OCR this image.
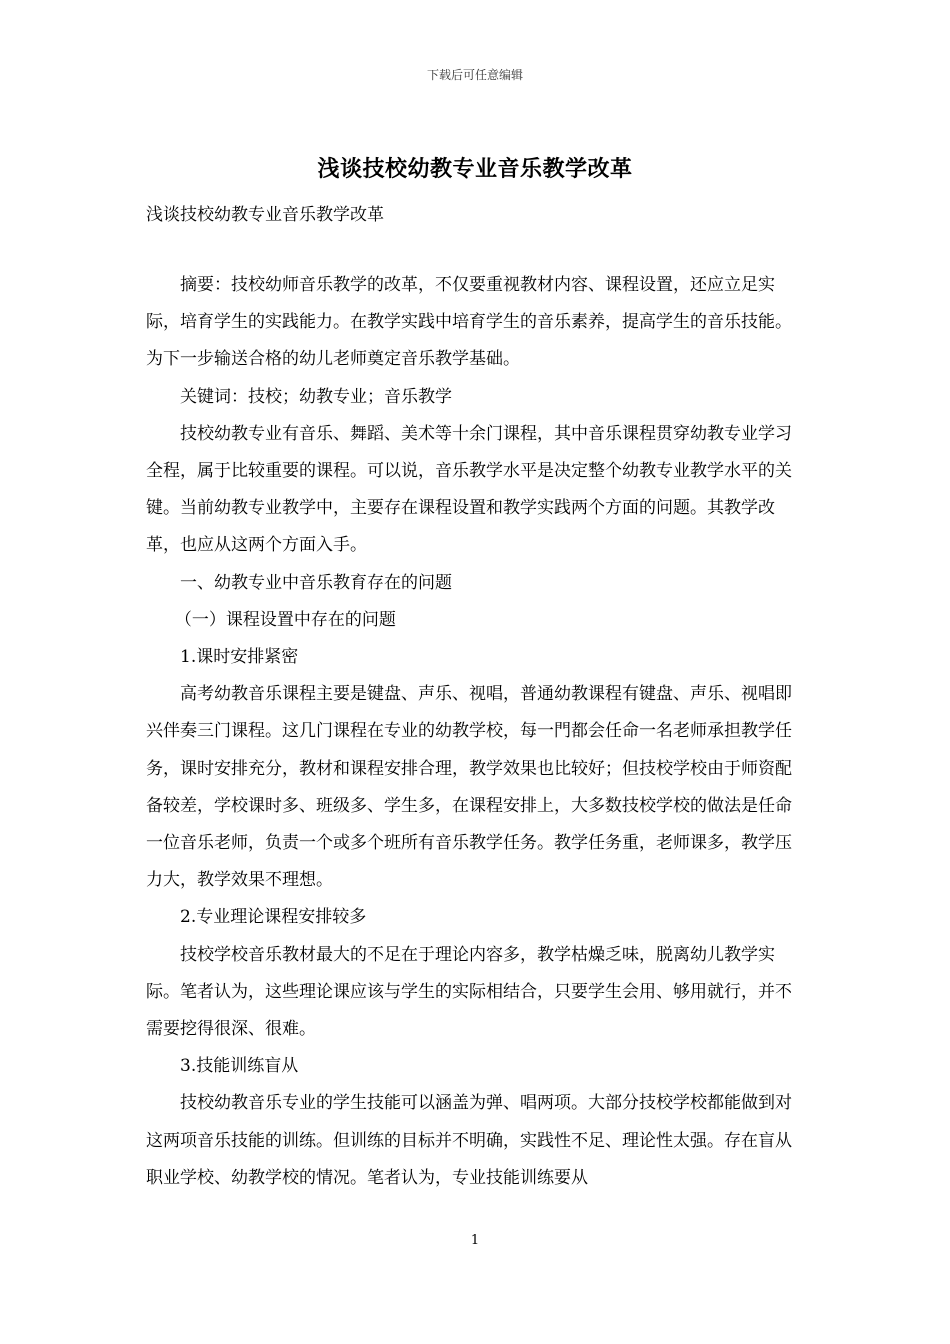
下载后可任意编辑
浅谈技校幼教专业音乐教学改革
浅谈技校幼教专业音乐教学改革

摘要：技校幼师音乐教学的改革，不仅要重视教材内容、课程设置，还应立足实际，培育学生的实践能力。在教学实践中培育学生的音乐素养，提高学生的音乐技能。为下一步输送合格的幼儿老师奠定音乐教学基础。

关键词：技校；幼教专业；音乐教学

技校幼教专业有音乐、舞蹈、美术等十余门课程，其中音乐课程贯穿幼教专业学习全程，属于比较重要的课程。可以说，音乐教学水平是决定整个幼教专业教学水平的关键。当前幼教专业教学中，主要存在课程设置和教学实践两个方面的问题。其教学改革，也应从这两个方面入手。

一、幼教专业中音乐教育存在的问题

（一）课程设置中存在的问题

1.课时安排紧密

高考幼教音乐课程主要是键盘、声乐、视唱，普通幼教课程有键盘、声乐、视唱即兴伴奏三门课程。这几门课程在专业的幼教学校，每一門都会任命一名老师承担教学任务，课时安排充分，教材和课程安排合理，教学效果也比较好；但技校学校由于师资配备较差，学校课时多、班级多、学生多，在课程安排上，大多数技校学校的做法是任命一位音乐老师，负责一个或多个班所有音乐教学任务。教学任务重，老师课多，教学压力大，教学效果不理想。

2.专业理论课程安排较多

技校学校音乐教材最大的不足在于理论内容多，教学枯燥乏味，脱离幼儿教学实际。笔者认为，这些理论课应该与学生的实际相结合，只要学生会用、够用就行，并不需要挖得很深、很难。

3.技能训练盲从

技校幼教音乐专业的学生技能可以涵盖为弹、唱两项。大部分技校学校都能做到对这两项音乐技能的训练。但训练的目标并不明确，实践性不足、理论性太强。存在盲从职业学校、幼教学校的情况。笔者认为，专业技能训练要从

1
